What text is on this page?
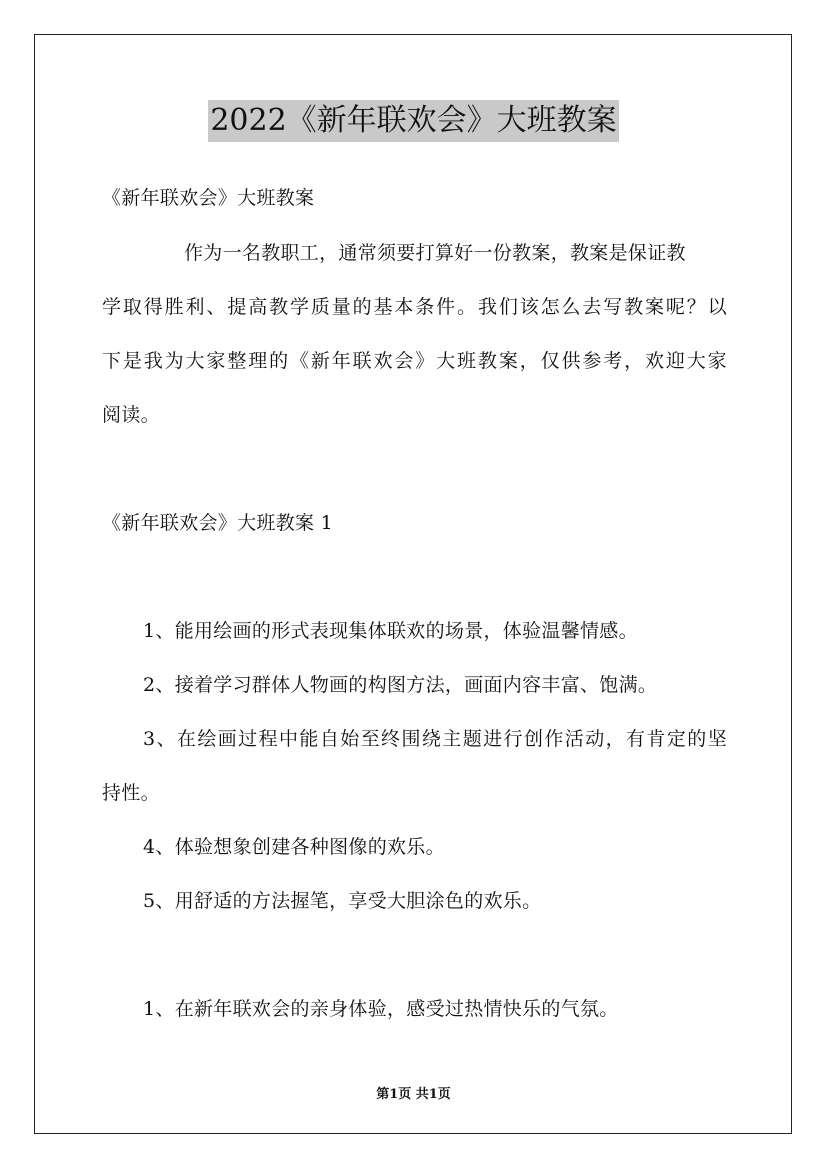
2022《新年联欢会》大班教案
《新年联欢会》大班教案
作为一名教职工，通常须要打算好一份教案，教案是保证教
学取得胜利、提高教学质量的基本条件。我们该怎么去写教案呢？以
下是我为大家整理的《新年联欢会》大班教案，仅供参考，欢迎大家
阅读。
《新年联欢会》大班教案 1
1、能用绘画的形式表现集体联欢的场景，体验温馨情感。
2、接着学习群体人物画的构图方法，画面内容丰富、饱满。
3、在绘画过程中能自始至终围绕主题进行创作活动，有肯定的坚
持性。
4、体验想象创建各种图像的欢乐。
5、用舒适的方法握笔，享受大胆涂色的欢乐。
1、在新年联欢会的亲身体验，感受过热情快乐的气氛。
第1页 共1页
